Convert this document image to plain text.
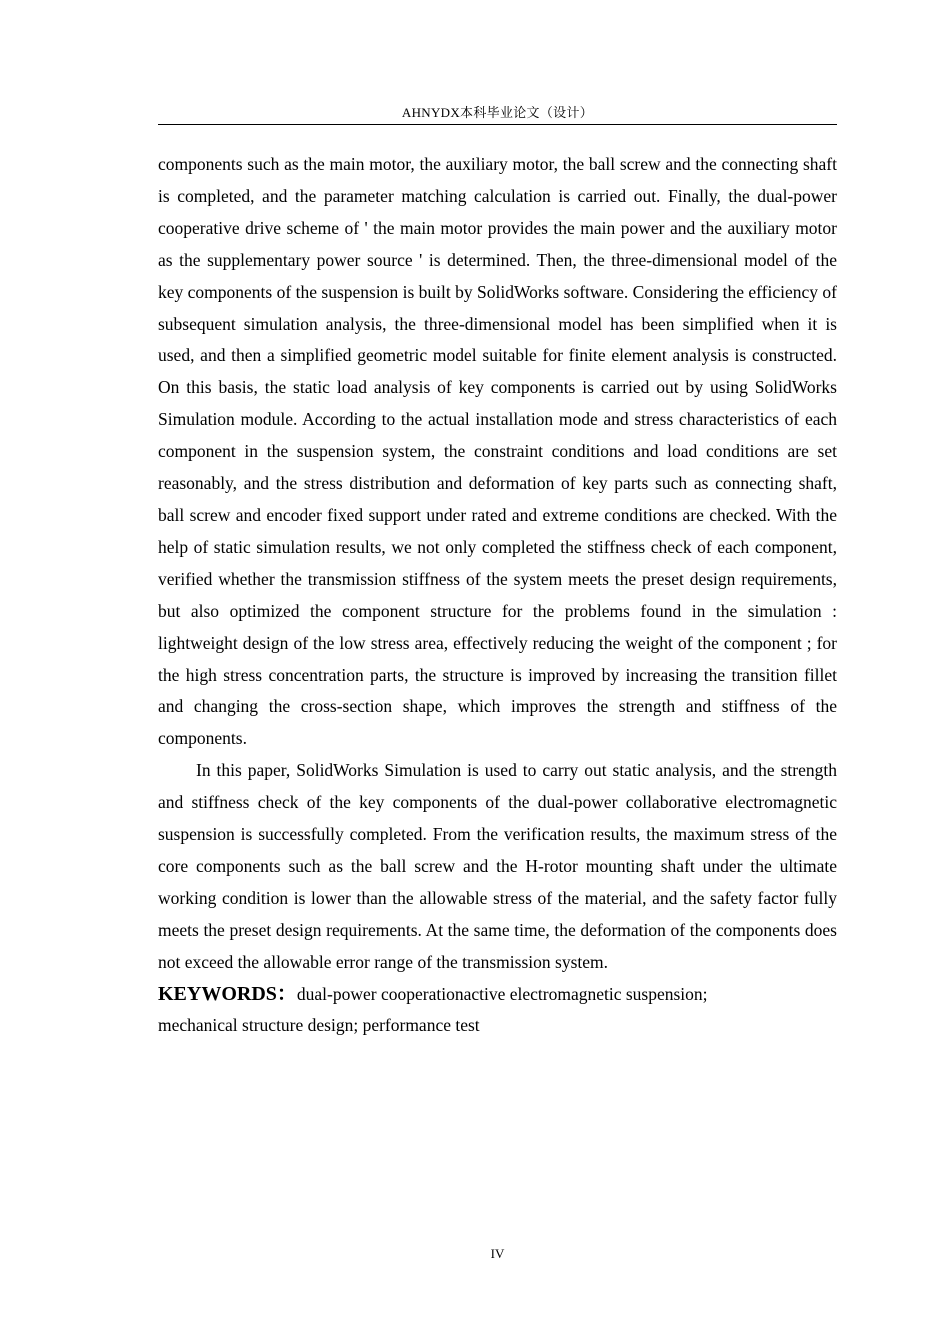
AHNYDX本科毕业论文（设计）

components such as the main motor, the auxiliary motor, the ball screw and the connecting shaft is completed, and the parameter matching calculation is carried out. Finally, the dual-power cooperative drive scheme of ' the main motor provides the main power and the auxiliary motor as the supplementary power source ' is determined. Then, the three-dimensional model of the key components of the suspension is built by SolidWorks software. Considering the efficiency of subsequent simulation analysis, the three-dimensional model has been simplified when it is used, and then a simplified geometric model suitable for finite element analysis is constructed. On this basis, the static load analysis of key components is carried out by using SolidWorks Simulation module. According to the actual installation mode and stress characteristics of each component in the suspension system, the constraint conditions and load conditions are set reasonably, and the stress distribution and deformation of key parts such as connecting shaft, ball screw and encoder fixed support under rated and extreme conditions are checked. With the help of static simulation results, we not only completed the stiffness check of each component, verified whether the transmission stiffness of the system meets the preset design requirements, but also optimized the component structure for the problems found in the simulation : lightweight design of the low stress area, effectively reducing the weight of the component ; for the high stress concentration parts, the structure is improved by increasing the transition fillet and changing the cross-section shape, which improves the strength and stiffness of the components.

In this paper, SolidWorks Simulation is used to carry out static analysis, and the strength and stiffness check of the key components of the dual-power collaborative electromagnetic suspension is successfully completed. From the verification results, the maximum stress of the core components such as the ball screw and the H-rotor mounting shaft under the ultimate working condition is lower than the allowable stress of the material, and the safety factor fully meets the preset design requirements. At the same time, the deformation of the components does not exceed the allowable error range of the transmission system.

KEYWORDS：dual-power cooperationactive electromagnetic suspension;
mechanical structure design; performance test

IV
